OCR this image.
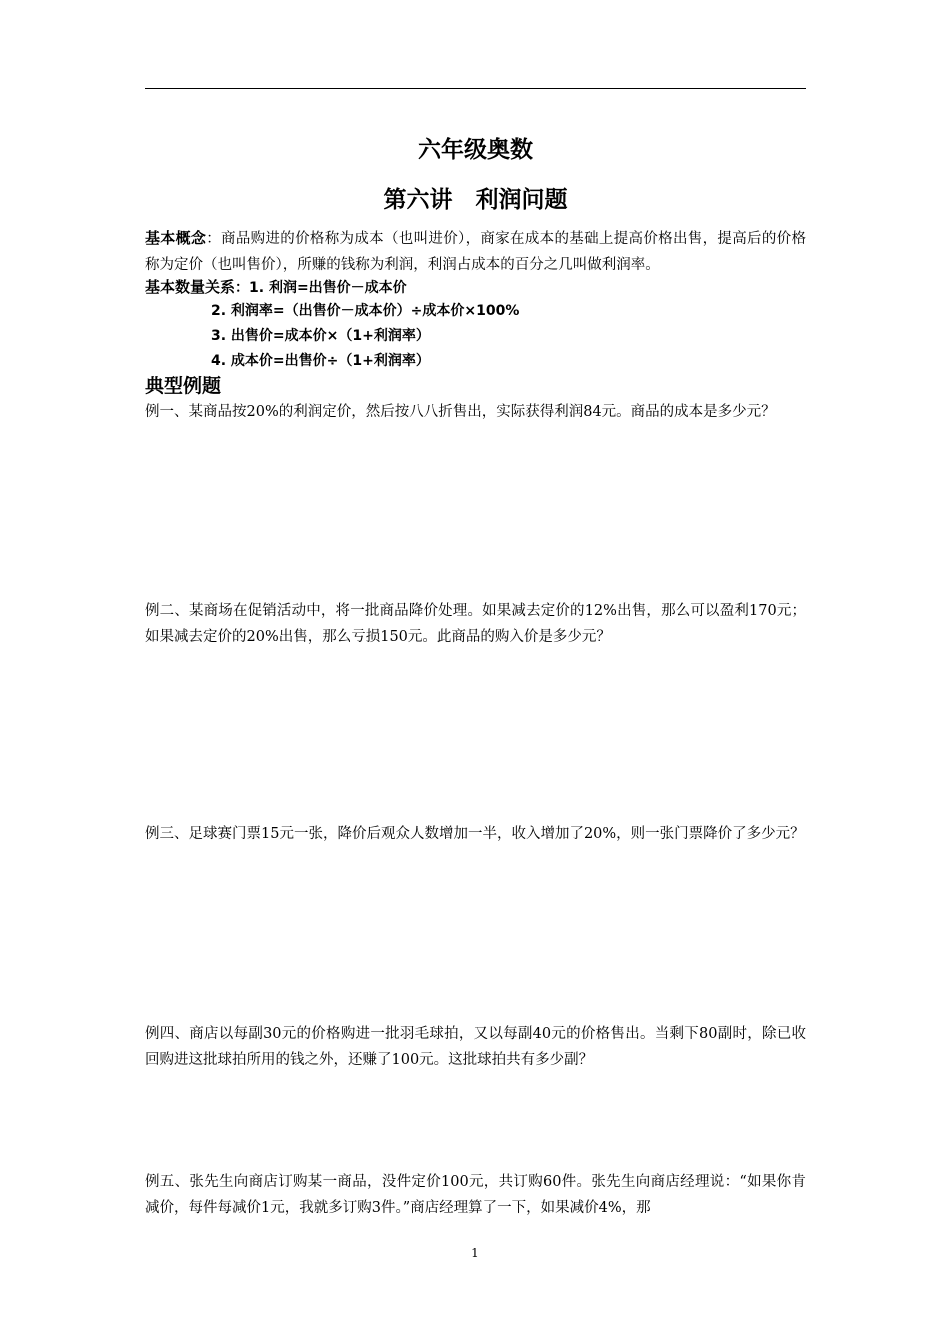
六年级奥数
第六讲　利润问题

基本概念：商品购进的价格称为成本（也叫进价），商家在成本的基础上提高价格出售，提高后的价格称为定价（也叫售价），所赚的钱称为利润，利润占成本的百分之几叫做利润率。

基本数量关系：1. 利润=出售价－成本价
2. 利润率=（出售价－成本价）÷成本价×100%
3. 出售价=成本价×（1+利润率）
4. 成本价=出售价÷（1+利润率）
典型例题

例一、某商品按20%的利润定价，然后按八八折售出，实际获得利润84元。商品的成本是多少元？

例二、某商场在促销活动中，将一批商品降价处理。如果减去定价的12%出售，那么可以盈利170元；如果减去定价的20%出售，那么亏损150元。此商品的购入价是多少元？

例三、足球赛门票15元一张，降价后观众人数增加一半，收入增加了20%，则一张门票降价了多少元？

例四、商店以每副30元的价格购进一批羽毛球拍，又以每副40元的价格售出。当剩下80副时，除已收回购进这批球拍所用的钱之外，还赚了100元。这批球拍共有多少副？

例五、张先生向商店订购某一商品，没件定价100元，共订购60件。张先生向商店经理说：“如果你肯减价，每件每减价1元，我就多订购3件。”商店经理算了一下，如果减价4%，那

1
